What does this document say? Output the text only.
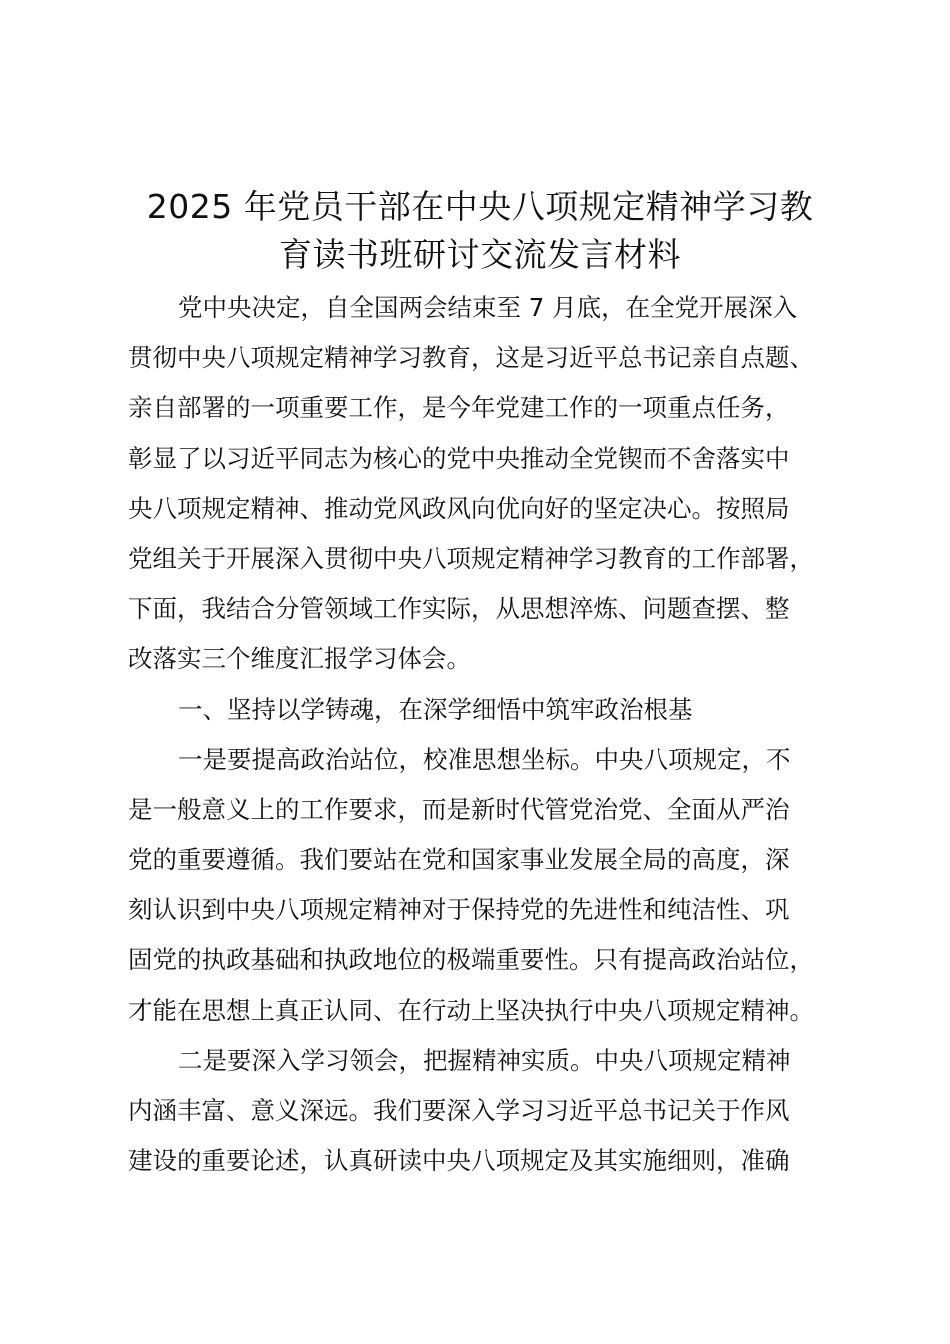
2025 年党员干部在中央八项规定精神学习教
育读书班研讨交流发言材料
党中央决定，自全国两会结束至 7 月底，在全党开展深入
贯彻中央八项规定精神学习教育，这是习近平总书记亲自点题、
亲自部署的一项重要工作，是今年党建工作的一项重点任务，
彰显了以习近平同志为核心的党中央推动全党锲而不舍落实中
央八项规定精神、推动党风政风向优向好的坚定决心。按照局
党组关于开展深入贯彻中央八项规定精神学习教育的工作部署，
下面，我结合分管领域工作实际，从思想淬炼、问题查摆、整
改落实三个维度汇报学习体会。
一、坚持以学铸魂，在深学细悟中筑牢政治根基
一是要提高政治站位，校准思想坐标。中央八项规定，不
是一般意义上的工作要求，而是新时代管党治党、全面从严治
党的重要遵循。我们要站在党和国家事业发展全局的高度，深
刻认识到中央八项规定精神对于保持党的先进性和纯洁性、巩
固党的执政基础和执政地位的极端重要性。只有提高政治站位，
才能在思想上真正认同、在行动上坚决执行中央八项规定精神。
二是要深入学习领会，把握精神实质。中央八项规定精神
内涵丰富、意义深远。我们要深入学习习近平总书记关于作风
建设的重要论述，认真研读中央八项规定及其实施细则，准确
